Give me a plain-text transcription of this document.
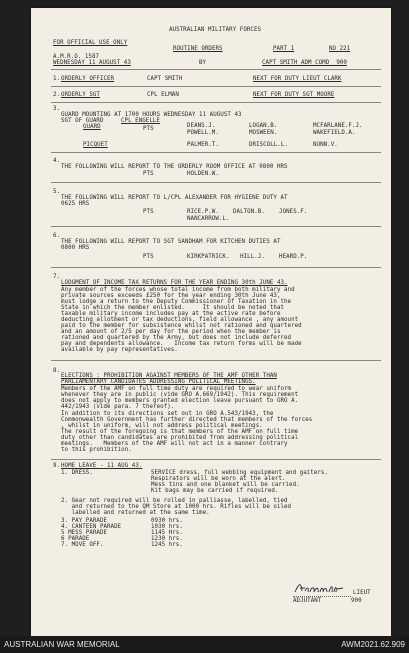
AUSTRALIAN MILITARY FORCES
FOR OFFICIAL USE ONLY
ROUTINE ORDERS	PART 1	NO 221
A.M.R.O. 1587
WEDNESDAY 11 AUGUST 43	BY	CAPT SMITH ADM COMD  900
1. ORDERLY OFFICER	CAPT SMITH	NEXT FOR DUTY LIEUT CLARK
2. ORDERLY SGT	CPL ELMAN	NEXT FOR DUTY SGT MOORE
3.
GUARD MOUNTING AT 1700 HOURS WEDNESDAY 11 AUGUST 43
SGT OF GUARD	CPL ENGELLE
GUARD	PTS	DEANS.J.	LOGAN.B.	MCFARLANE.F.J.
POWELL.M.	MOSWEEN.	WAKEFIELD.A.
PICQUET	PALMER.T.	DRISCOLL.L.	NUNN.V.
4.
THE FOLLOWING WILL REPORT TO THE ORDERLY ROOM OFFICE AT 0800 HRS
PTS	HOLDEN.W.
5.
THE FOLLOWING WILL REPORT TO L/CPL ALEXANDER FOR HYGIENE DUTY AT
0625 HRS
PTS	RICE.P.W.    DALTON.B.    JONES.F.
NANCARROW.L.
6.
THE FOLLOWING WILL REPORT TO SGT SANDHAM FOR KITCHEN DUTIES AT
0800 HRS
PTS	KIRKPATRICK.   HILL.J.    HEARD.P.
7.
LODGMENT OF INCOME TAX RETURNS FOR THE YEAR ENDING 30th JUNE 43.
Any member of the forces whose total income from both military and
private sources exceeds £250 for the year ending 30th June 43,
must lodge a return to the Deputy Commissioner of Taxation in the
State in which the member enlisted.     It should be noted that
taxable military income includes pay at the active rate before
deducting allotment or tax deductions, field allowance , any amount
paid to the member for subsistence whilst not rationed and quartered
and an amount of 2/5 per day for the period when the member is
rationed and quartered by the Army, but does not include deferred
pay and dependents allowance.   Income tax return forms will be made
available by pay representatives.
8.
ELECTIONS : PROHIBITION AGAINST MEMBERS OF THE AMF OTHER THAN
PARLIAMENTARY CANDIDATES ADDRESSING POLITICAL MEETINGS.
Members of the AMF on full time duty are required to wear uniform
whenever they are in public (vide GRO A.669/1942). This requirement
does not apply to members granted election leave pursuant to GRO A.
442/1943 (vide para. 7 thereof).
In addition to its directions set out in GRO A.543/1943, the
Commonwealth Government has further directed that members of the forces
, whilst in uniform, will not address political meetings.
The result of the foregoing is that members of the AMF on full time
duty other than candidates are prohibited from addressing political
meetings.   Members of the AMF will not act in a manner contrary
to this prohibition.
9. HOME LEAVE - 11 AUG 43.
1. DRESS.	SERVICE dress, full webbing equipment and gaiters.
Respirators will be worn at the alert.
Mess tins and one blanket will be carried.
Kit bags may be carried if required.
2. Gear not required will be rolled in palliasse, labelled, tied
and returned to the QM Store at 1000 hrs. Rifles will be oiled
labelled and returned at the same time.
3. PAY PARADE	0930 hrs.
4. CANTEEN PARADE	1030 hrs.
5 MESS PARADE	1145 Hrs.
6 PARADE	1230 hrs.
7. MOVE OFF.	1245 hrs.
LIEUT
ADJUTANT	900
AUSTRALIAN WAR MEMORIAL	AWM2021.62.909
